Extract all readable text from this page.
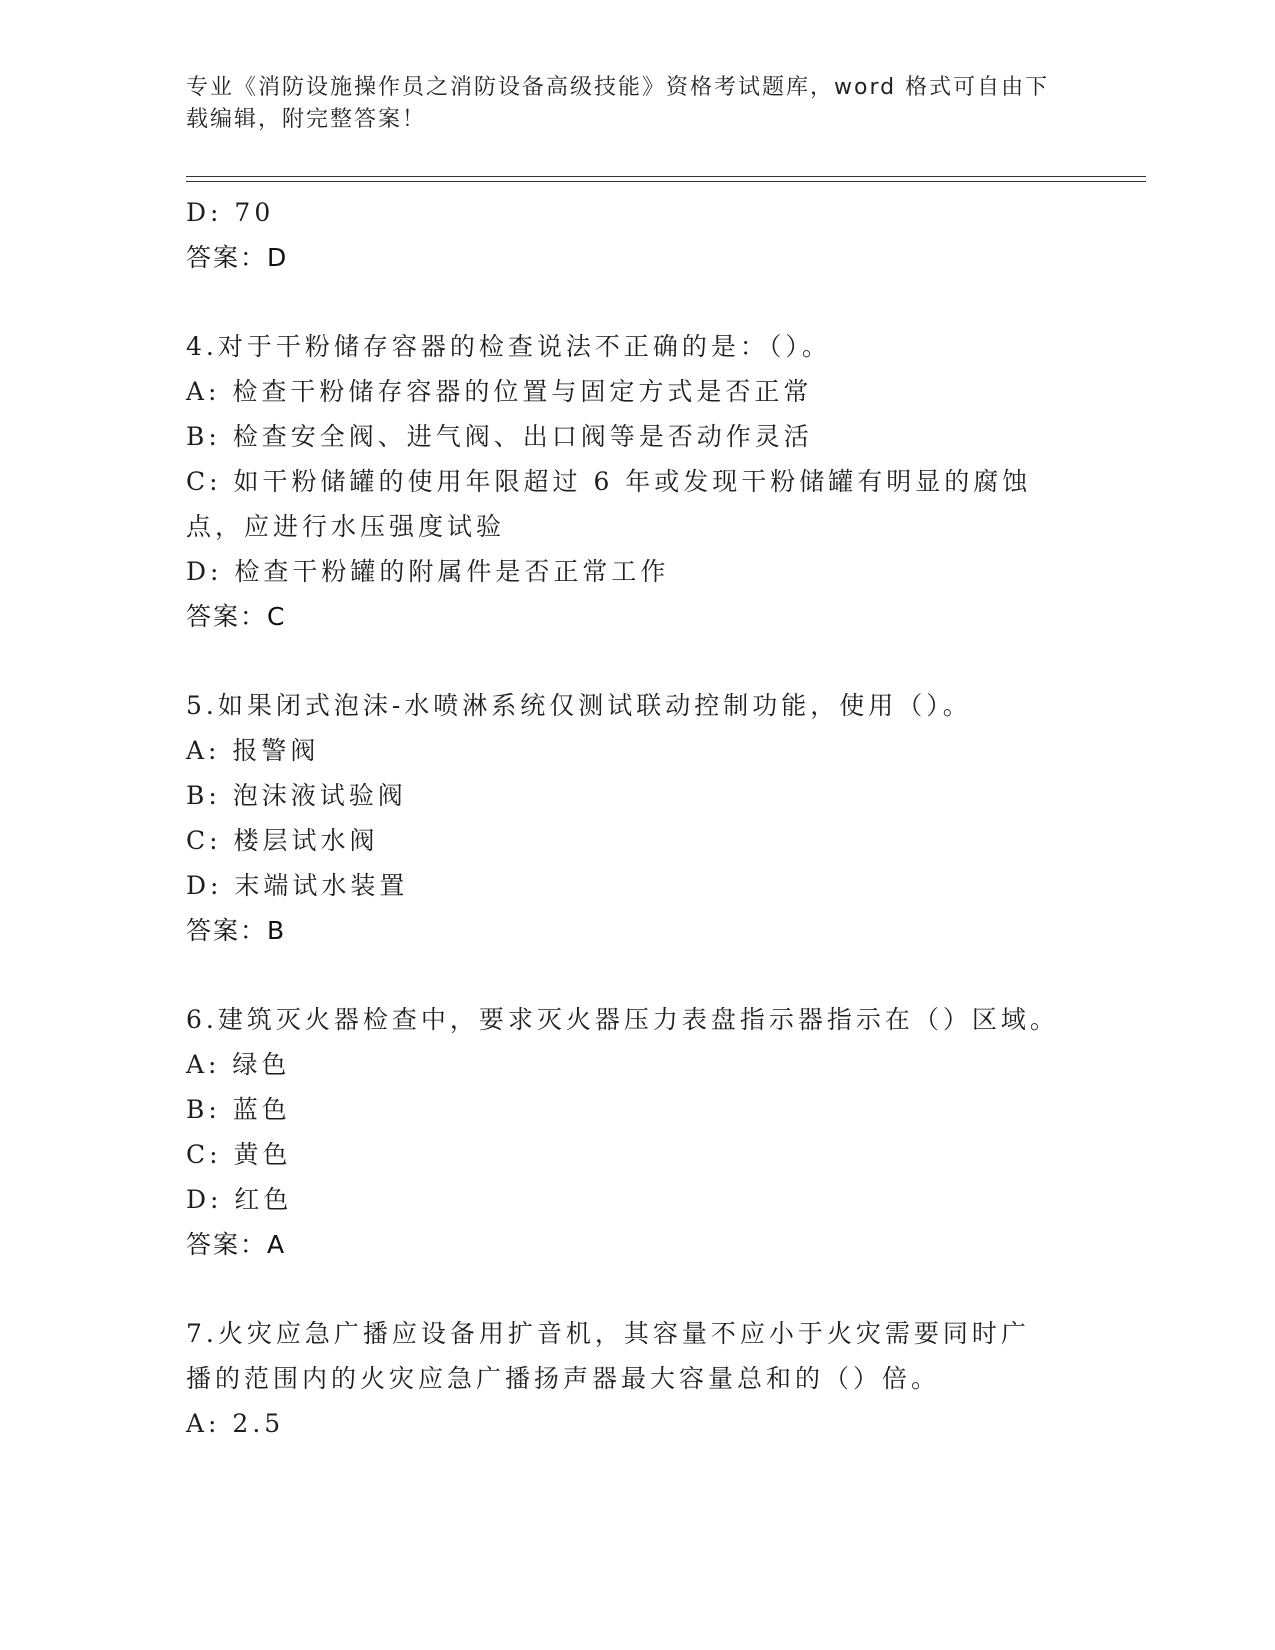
专业《消防设施操作员之消防设备高级技能》资格考试题库，word 格式可自由下载编辑，附完整答案！
D: 70
答案：D
4.对于干粉储存容器的检查说法不正确的是：（）。
A: 检查干粉储存容器的位置与固定方式是否正常
B: 检查安全阀、进气阀、出口阀等是否动作灵活
C: 如干粉储罐的使用年限超过 6 年或发现干粉储罐有明显的腐蚀点，应进行水压强度试验
D: 检查干粉罐的附属件是否正常工作
答案：C
5.如果闭式泡沫-水喷淋系统仅测试联动控制功能，使用（）。
A: 报警阀
B: 泡沫液试验阀
C: 楼层试水阀
D: 末端试水装置
答案：B
6.建筑灭火器检查中，要求灭火器压力表盘指示器指示在（）区域。
A: 绿色
B: 蓝色
C: 黄色
D: 红色
答案：A
7.火灾应急广播应设备用扩音机，其容量不应小于火灾需要同时广播的范围内的火灾应急广播扬声器最大容量总和的（）倍。
A: 2.5
